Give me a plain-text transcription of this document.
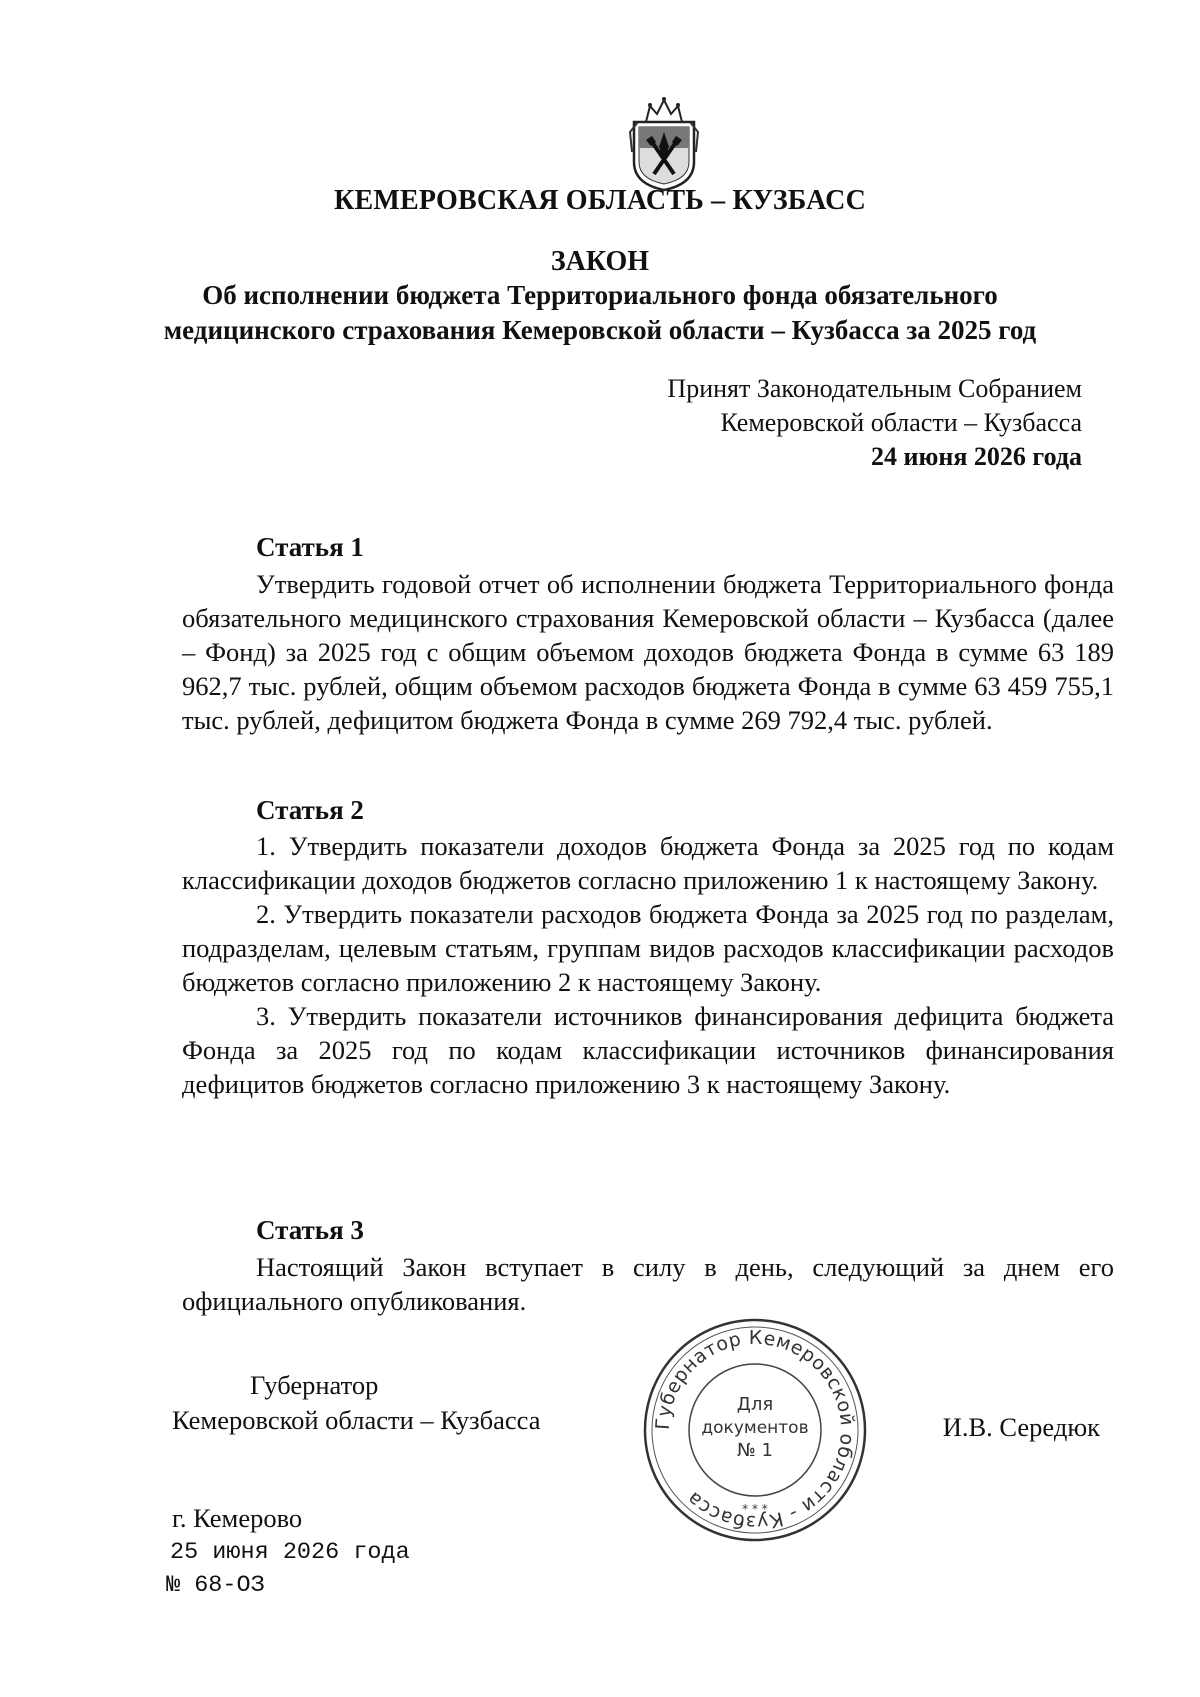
КЕМЕРОВСКАЯ ОБЛАСТЬ – КУЗБАСС
ЗАКОН
Об исполнении бюджета Территориального фонда обязательного
медицинского страхования Кемеровской области – Кузбасса за 2025 год
Принят Законодательным Собранием
Кемеровской области – Кузбасса
24 июня 2026 года
Статья 1

Утвердить годовой отчет об исполнении бюджета Территориального фонда обязательного медицинского страхования Кемеровской области – Кузбасса (далее – Фонд) за 2025 год с общим объемом доходов бюджета Фонда в сумме 63 189 962,7 тыс. рублей, общим объемом расходов бюджета Фонда в сумме 63 459 755,1 тыс. рублей, дефицитом бюджета Фонда в сумме 269 792,4 тыс. рублей.

Статья 2

1. Утвердить показатели доходов бюджета Фонда за 2025 год по кодам классификации доходов бюджетов согласно приложению 1 к настоящему Закону.

2. Утвердить показатели расходов бюджета Фонда за 2025 год по разделам, подразделам, целевым статьям, группам видов расходов классификации расходов бюджетов согласно приложению 2 к настоящему Закону.

3. Утвердить показатели источников финансирования дефицита бюджета Фонда за 2025 год по кодам классификации источников финансирования дефицитов бюджетов согласно приложению 3 к настоящему Закону.

Статья 3

Настоящий Закон вступает в силу в день, следующий за днем его официального опубликования.

Губернатор
Кемеровской области – Кузбасса	И.В. Середюк
Губернатор Кемеровской области - Кузбасса
Для
документов
№ 1
* * *
г. Кемерово
25 июня 2026 года
№ 68-ОЗ
